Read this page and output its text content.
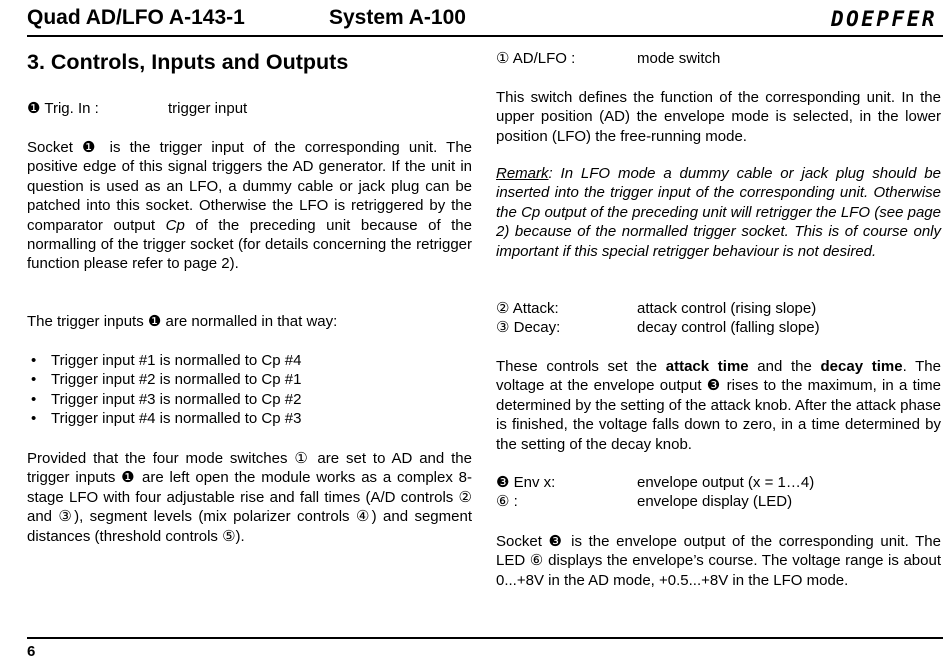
Quad AD/LFO A-143-1	System A-100	DOEPFER
3. Controls, Inputs and Outputs
❶ Trig. In :	trigger input
Socket ❶ is the trigger input of the corresponding unit. The positive edge of this signal triggers the AD generator. If the unit in question is used as an LFO, a dummy cable or jack plug can be patched into this socket. Otherwise the LFO is retriggered by the comparator output Cp of the preceding unit because of the normalling of the trigger socket (for details concerning the retrigger function please refer to page 2).
The trigger inputs ❶ are normalled in that way:
• Trigger input #1 is normalled to Cp #4
• Trigger input #2 is normalled to Cp #1
• Trigger input #3 is normalled to Cp #2
• Trigger input #4 is normalled to Cp #3
Provided that the four mode switches ① are set to AD and the trigger inputs ❶ are left open the module works as a complex 8-stage LFO with four adjustable rise and fall times (A/D controls ② and ③), segment levels (mix polarizer controls ④) and segment distances (threshold controls ⑤).
① AD/LFO :	mode switch
This switch defines the function of the corresponding unit. In the upper position (AD) the envelope mode is selected, in the lower position (LFO) the free-running mode.
Remark: In LFO mode a dummy cable or jack plug should be inserted into the trigger input of the corresponding unit. Otherwise the Cp output of the preceding unit will retrigger the LFO (see page 2) because of the normalled trigger socket. This is of course only important if this special retrigger behaviour is not desired.
② Attack:	attack control (rising slope)
③ Decay:	decay control (falling slope)
These controls set the attack time and the decay time. The voltage at the envelope output ❸ rises to the maximum, in a time determined by the setting of the attack knob. After the attack phase is finished, the voltage falls down to zero, in a time determined by the setting of the decay knob.
❸ Env x:	envelope output (x = 1…4)
⑥ :	envelope display (LED)
Socket ❸ is the envelope output of the corresponding unit. The LED ⑥ displays the envelope’s course. The voltage range is about 0...+8V in the AD mode, +0.5...+8V in the LFO mode.
6
